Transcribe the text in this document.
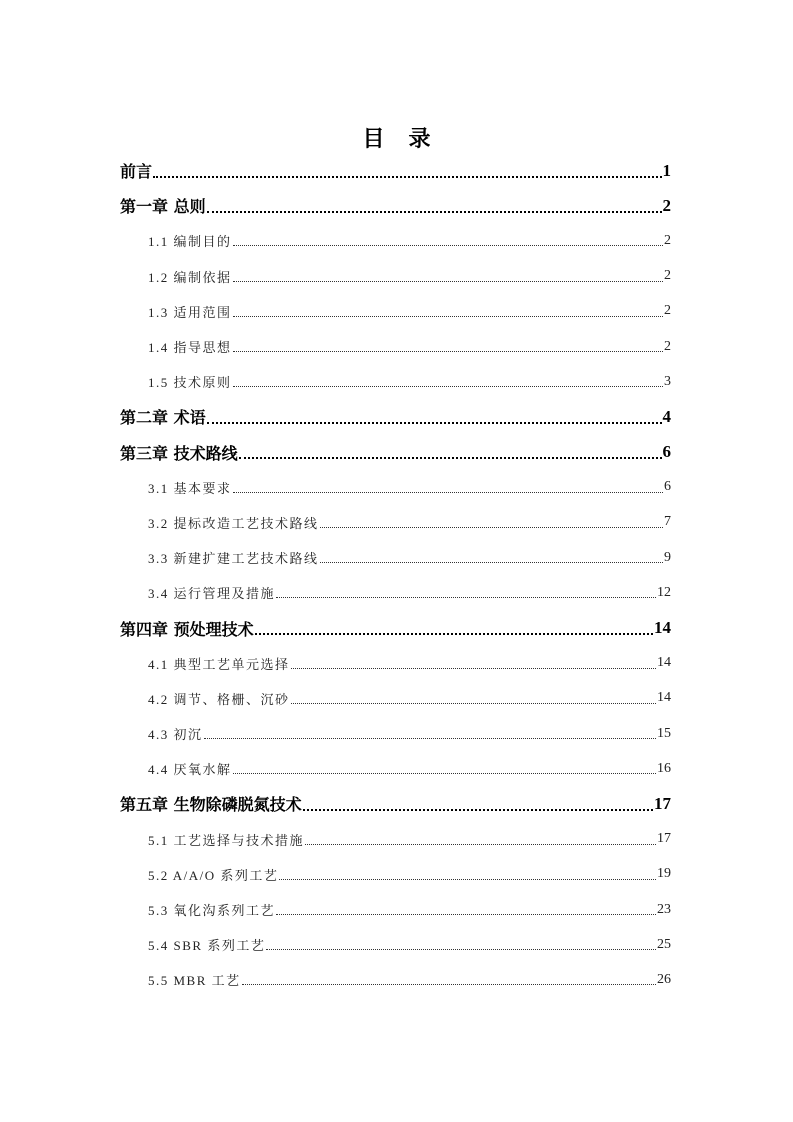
目录
前言	1
第一章 总则	2
1.1 编制目的	2
1.2 编制依据	2
1.3 适用范围	2
1.4 指导思想	2
1.5 技术原则	3
第二章 术语	4
第三章 技术路线	6
3.1 基本要求	6
3.2 提标改造工艺技术路线	7
3.3 新建扩建工艺技术路线	9
3.4 运行管理及措施	12
第四章 预处理技术	14
4.1 典型工艺单元选择	14
4.2 调节、格栅、沉砂	14
4.3 初沉	15
4.4 厌氧水解	16
第五章 生物除磷脱氮技术	17
5.1 工艺选择与技术措施	17
5.2 A/A/O 系列工艺	19
5.3 氧化沟系列工艺	23
5.4 SBR 系列工艺	25
5.5 MBR 工艺	26
